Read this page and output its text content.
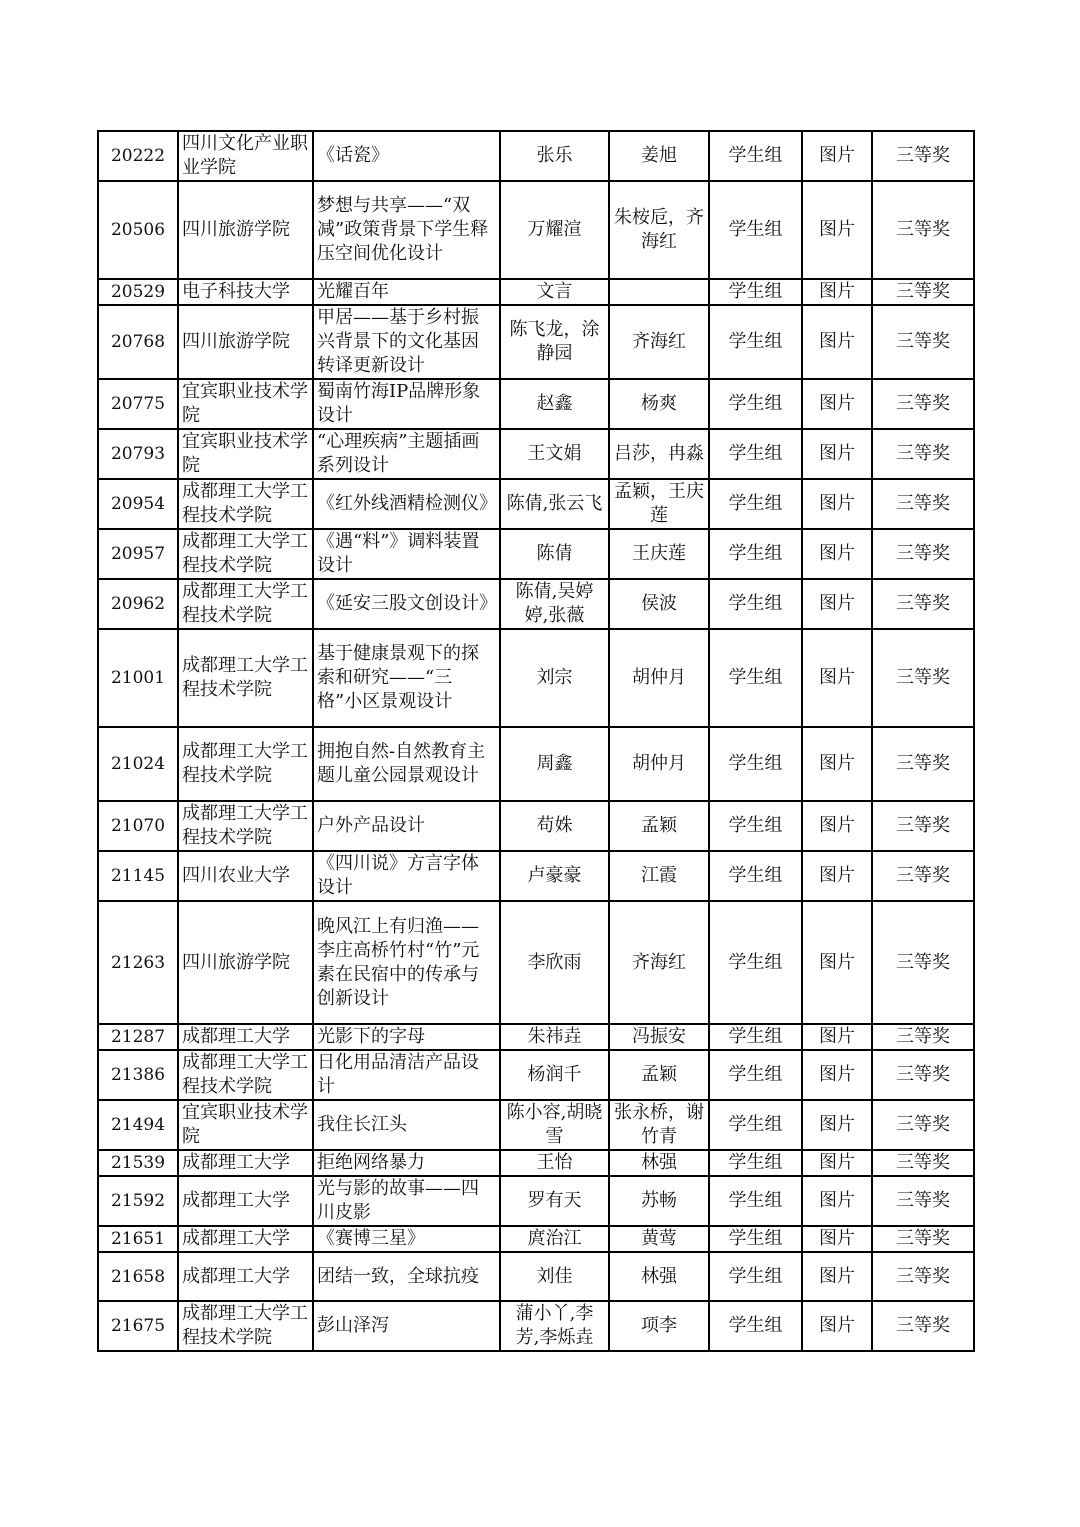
20222	四川文化产业职业学院	《话瓷》	张乐	姜旭	学生组	图片	三等奖
20506	四川旅游学院	梦想与共享——“双减”政策背景下学生释压空间优化设计	万耀渲	朱桉卮，齐海红	学生组	图片	三等奖
20529	电子科技大学	光耀百年	文言		学生组	图片	三等奖
20768	四川旅游学院	甲居——基于乡村振兴背景下的文化基因转译更新设计	陈飞龙，涂静园	齐海红	学生组	图片	三等奖
20775	宜宾职业技术学院	蜀南竹海IP品牌形象设计	赵鑫	杨爽	学生组	图片	三等奖
20793	宜宾职业技术学院	“心理疾病”主题插画系列设计	王文娟	吕莎，冉淼	学生组	图片	三等奖
20954	成都理工大学工程技术学院	《红外线酒精检测仪》	陈倩,张云飞	孟颖，王庆莲	学生组	图片	三等奖
20957	成都理工大学工程技术学院	《遇“料”》调料装置设计	陈倩	王庆莲	学生组	图片	三等奖
20962	成都理工大学工程技术学院	《延安三股文创设计》	陈倩,吴婷婷,张薇	侯波	学生组	图片	三等奖
21001	成都理工大学工程技术学院	基于健康景观下的探索和研究——“三格”小区景观设计	刘宗	胡仲月	学生组	图片	三等奖
21024	成都理工大学工程技术学院	拥抱自然-自然教育主题儿童公园景观设计	周鑫	胡仲月	学生组	图片	三等奖
21070	成都理工大学工程技术学院	户外产品设计	苟姝	孟颖	学生组	图片	三等奖
21145	四川农业大学	《四川说》方言字体设计	卢豪豪	江霞	学生组	图片	三等奖
21263	四川旅游学院	晚风江上有归渔——李庄高桥竹村“竹”元素在民宿中的传承与创新设计	李欣雨	齐海红	学生组	图片	三等奖
21287	成都理工大学	光影下的字母	朱祎垚	冯振安	学生组	图片	三等奖
21386	成都理工大学工程技术学院	日化用品清洁产品设计	杨润千	孟颖	学生组	图片	三等奖
21494	宜宾职业技术学院	我住长江头	陈小容,胡晓雪	张永桥，谢竹青	学生组	图片	三等奖
21539	成都理工大学	拒绝网络暴力	王怡	林强	学生组	图片	三等奖
21592	成都理工大学	光与影的故事——四川皮影	罗有天	苏畅	学生组	图片	三等奖
21651	成都理工大学	《赛博三星》	庹治江	黄莺	学生组	图片	三等奖
21658	成都理工大学	团结一致，全球抗疫	刘佳	林强	学生组	图片	三等奖
21675	成都理工大学工程技术学院	彭山泽泻	蒲小丫,李芳,李烁垚	项李	学生组	图片	三等奖
